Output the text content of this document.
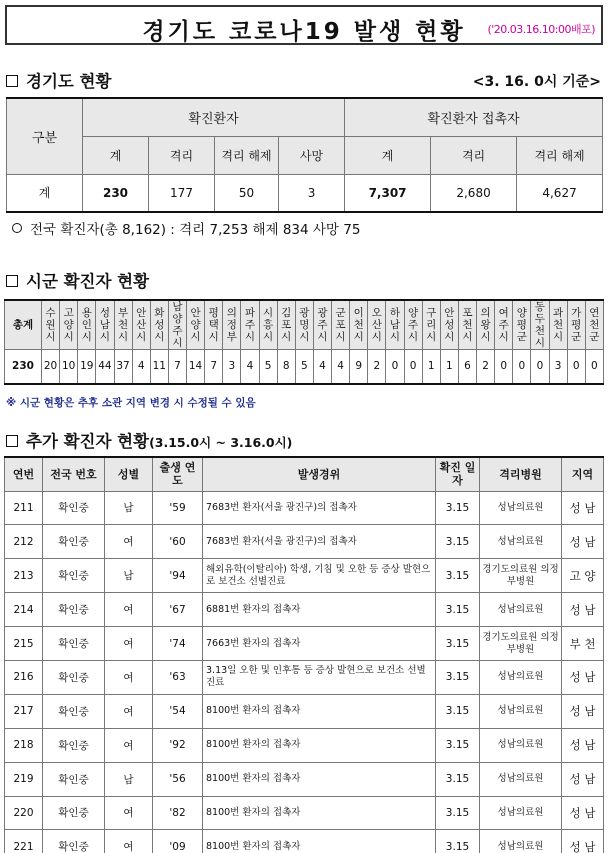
경기도 코로나19 발생 현황	('20.03.16.10:00배포)
경기도 현황	<3. 16. 0시 기준>
구분	확진환자				확진환자 접촉자		
	계	격리	격리 해제	사망	계	격리	격리 해제
계	230	177	50	3	7,307	2,680	4,627
전국 확진자(총 8,162) : 격리 7,253 해제 834 사망 75
시군 확진자 현황
총계	수원시	고양시	용인시	성남시	부천시	안산시	화성시	남양주시	안양시	평택시	의정부	파주시	시흥시	김포시	광명시	광주시	군포시	이천시	오산시	하남시	양주시	구리시	안성시	포천시	의왕시	여주시	양평군	동두천시	과천시	가평군	연천군
230	20	10	19	44	37	4	11	7	14	7	3	4	5	8	5	4	4	9	2	0	0	1	1	6	2	0	0	0	3	0	0
※ 시군 현황은 추후 소관 지역 변경 시 수정될 수 있음
추가 확진자 현황(3.15.0시 ~ 3.16.0시)
연번	전국 번호	성별	출생 연도	발생경위	확진 일자	격리병원	지역
211	확인중	남	'59	7683번 환자(서울 광진구)의 접촉자	3.15	성남의료원	성 남
212	확인중	여	'60	7683번 환자(서울 광진구)의 접촉자	3.15	성남의료원	성 남
213	확인중	남	'94	해외유학(이탈리아) 학생, 기침 및 오한 등 증상 발현으로 보건소 선별진료	3.15	경기도의료원 의정부병원	고 양
214	확인중	여	'67	6881번 환자의 접촉자	3.15	성남의료원	성 남
215	확인중	여	'74	7663번 환자의 접촉자	3.15	경기도의료원 의정부병원	부 천
216	확인중	여	'63	3.13일 오한 및 인후통 등 증상 발현으로 보건소 선별진료	3.15	성남의료원	성 남
217	확인중	여	'54	8100번 환자의 접촉자	3.15	성남의료원	성 남
218	확인중	여	'92	8100번 환자의 접촉자	3.15	성남의료원	성 남
219	확인중	남	'56	8100번 환자의 접촉자	3.15	성남의료원	성 남
220	확인중	여	'82	8100번 환자의 접촉자	3.15	성남의료원	성 남
221	확인중	여	'09	8100번 환자의 접촉자	3.15	성남의료원	성 남
